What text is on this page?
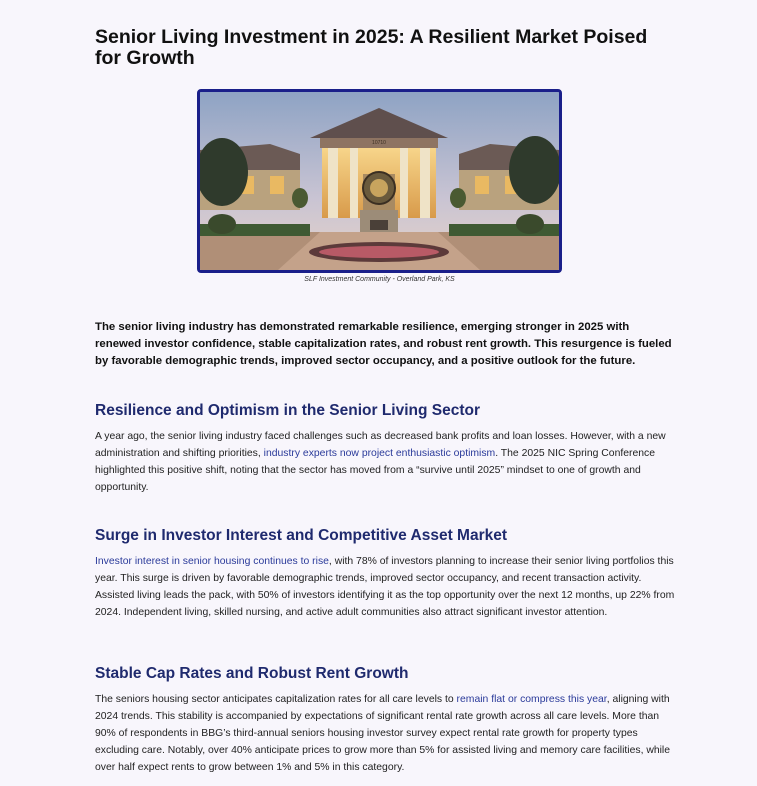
Senior Living Investment in 2025: A Resilient Market Poised for Growth
10710
SLF Investment Community - Overland Park, KS

The senior living industry has demonstrated remarkable resilience, emerging stronger in 2025 with renewed investor confidence, stable capitalization rates, and robust rent growth. This resurgence is fueled by favorable demographic trends, improved sector occupancy, and a positive outlook for the future.

Resilience and Optimism in the Senior Living Sector

A year ago, the senior living industry faced challenges such as decreased bank profits and loan losses. However, with a new administration and shifting priorities, industry experts now project enthusiastic optimism. The 2025 NIC Spring Conference highlighted this positive shift, noting that the sector has moved from a “survive until 2025” mindset to one of growth and opportunity.

Surge in Investor Interest and Competitive Asset Market

Investor interest in senior housing continues to rise, with 78% of investors planning to increase their senior living portfolios this year. This surge is driven by favorable demographic trends, improved sector occupancy, and recent transaction activity. Assisted living leads the pack, with 50% of investors identifying it as the top opportunity over the next 12 months, up 22% from 2024. Independent living, skilled nursing, and active adult communities also attract significant investor attention.

Stable Cap Rates and Robust Rent Growth

The seniors housing sector anticipates capitalization rates for all care levels to remain flat or compress this year, aligning with 2024 trends. This stability is accompanied by expectations of significant rental rate growth across all care levels. More than 90% of respondents in BBG’s third-annual seniors housing investor survey expect rental rate growth for property types excluding care. Notably, over 40% anticipate prices to grow more than 5% for assisted living and memory care facilities, while over half expect rents to grow between 1% and 5% in this category.
